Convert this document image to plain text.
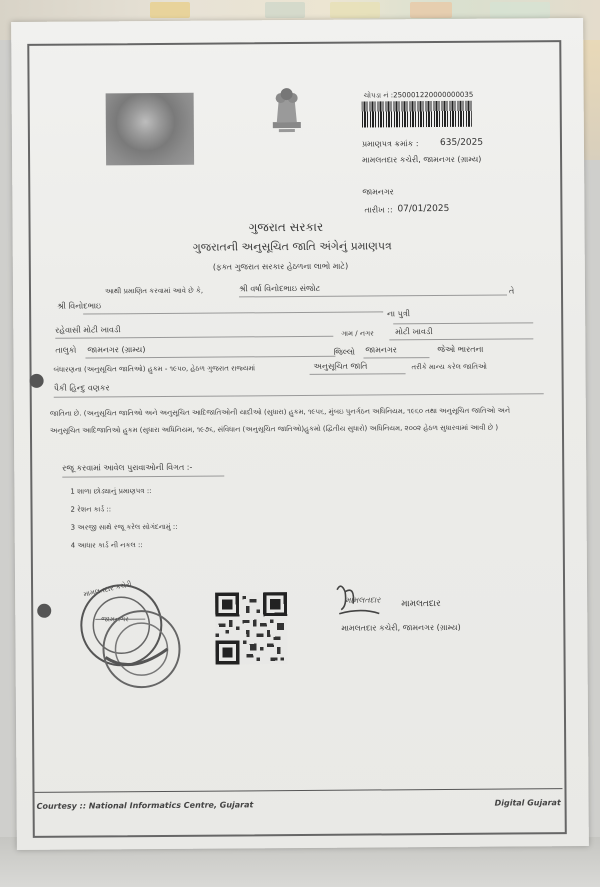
ચોપડા નં :250001220000000035
પ્રમાણપત્ર ક્રમાંક : 635/2025
મામલતદાર કચેરી, જામનગર (ગ્રામ્ય)
જામનગર
તારીખ :: 07/01/2025
ગુજરાત સરકાર
ગુજરાતની અનુસૂચિત જાતિ અંગેનું પ્રમાણપત્ર
(ફક્ત ગુજરાત સરકાર હેઠળના લાભો માટે)
આથી પ્રમાણિત કરવામાં આવે છે કે,	શ્રી વર્ષા વિનોદભાઇ સંજોટ	તે
શ્રી વિનોદભાઇ
ના પુત્રી
રહેવાસી મોટી ખાવડી	ગામ / નગર	મોટી ખાવડી
તાલુકો જામનગર (ગ્રામ્ય)	જિલ્લો જામનગર	જેઓ ભારતના
બંધારણના (અનુસૂચિત જાતિઓ) હુકમ - ૧૯૫૦, હેઠળ ગુજરાત રાજ્યમાં	અનુસૂચિત જાતિ	તરીકે માન્ય કરેલ જાતિઓ
પૈકી હિન્દુ વણકર
જાતિના છે. (અનુસૂચિત જાતિઓ અને અનુસૂચિત આદિજાતિઓની યાદીઓ (સુધારા) હુકમ, ૧૯૫૬, મુંબઇ પુનર્ગઠન અધિનિયમ, ૧૯૬૦ તથા અનુસૂચિત જાતિઓ અને અનુસૂચિત આદિજાતિઓ હુકમ (સુધારા અધિનિયમ, ૧૯૭૬, સંવિધાન (અનુસૂચિત જાતિઓ)હુકમો (દ્વિતીય સુધારો) અધિનિયમ, ૨૦૦૨ હેઠળ સુધારવામાં આવી છે )
રજૂ કરવામાં આવેલ પુરાવાઓની વિગત :-
1 શાળા છોડ્યાનું પ્રમાણપત્ર ::
2 રેશન કાર્ડ ::
3 અરજી સાથે રજૂ કરેલ સોગંદનામું ::
4 આધાર કાર્ડ ની નકલ ::
મામલતદાર કચેરી
જામનગર
મામલતદાર મામલતદાર
મામલતદાર કચેરી, જામનગર (ગ્રામ્ય)
Courtesy :: National Informatics Centre, Gujarat	Digital Gujarat
